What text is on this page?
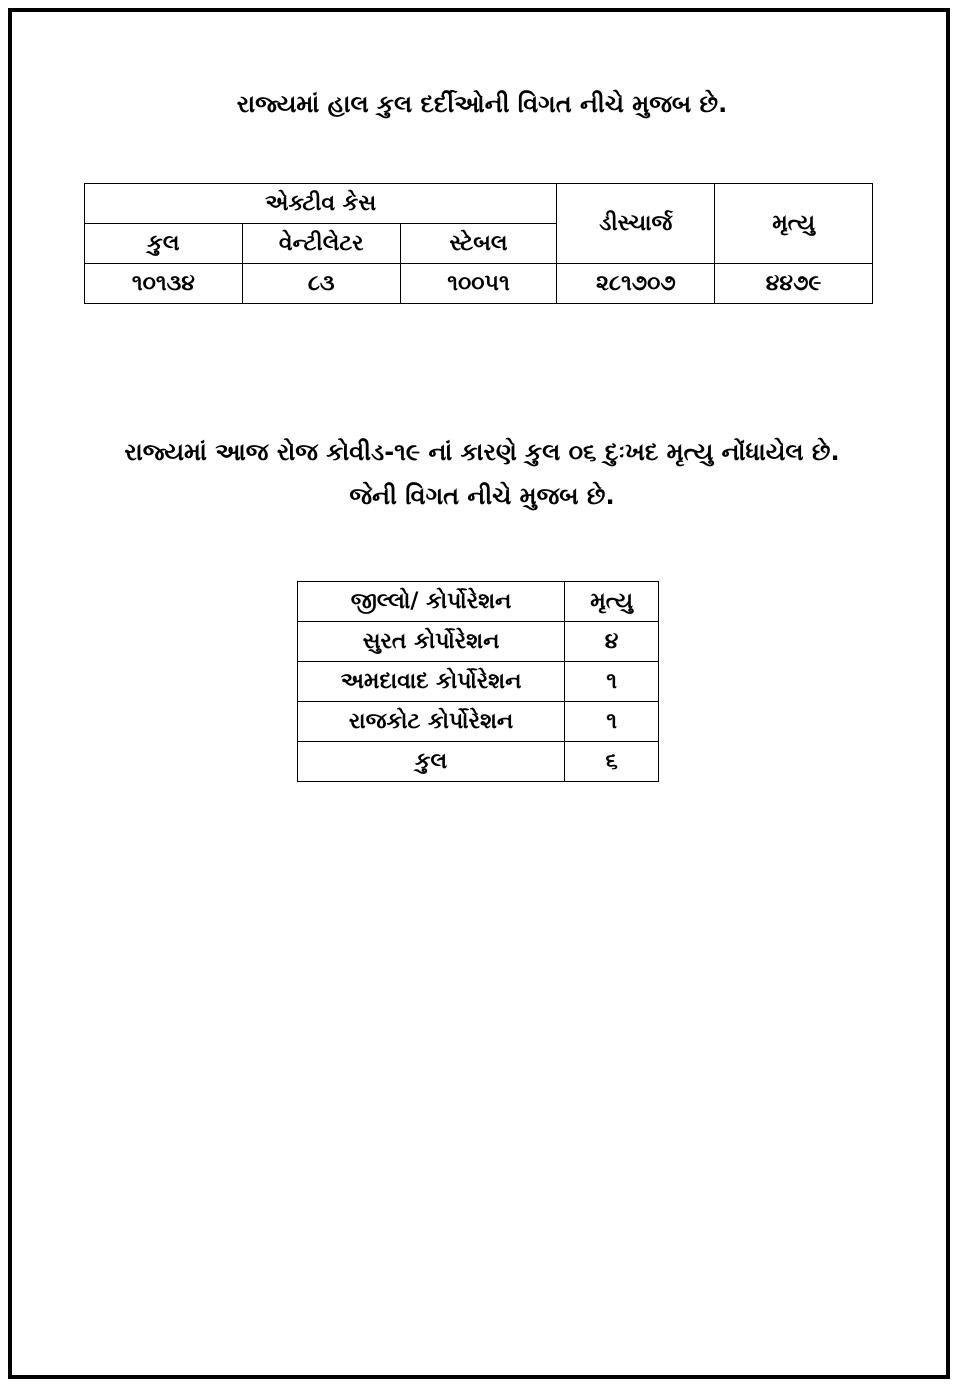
રાજ્યમાં હાલ કુલ દર્દીઓની વિગત નીચે મુજબ છે.
એક્ટીવ કેસ			ડીસ્ચાર્જ	મૃત્યુ
કુલ	વેન્ટીલેટર	સ્ટેબલ		
૧૦૧૩૪	૮૩	૧૦૦૫૧	૨૮૧૭૦૭	૪૪૭૯
રાજ્યમાં આજ રોજ કોવીડ-૧૯ નાં કારણે કુલ ૦૬ દુઃખદ મૃત્યુ નોંધાયેલ છે.
જેની વિગત નીચે મુજબ છે.
જીલ્લો/ કોર્પોરેશન	મૃત્યુ
સુરત કોર્પોરેશન	૪
અમદાવાદ કોર્પોરેશન	૧
રાજકોટ કોર્પોરેશન	૧
કુલ	૬
